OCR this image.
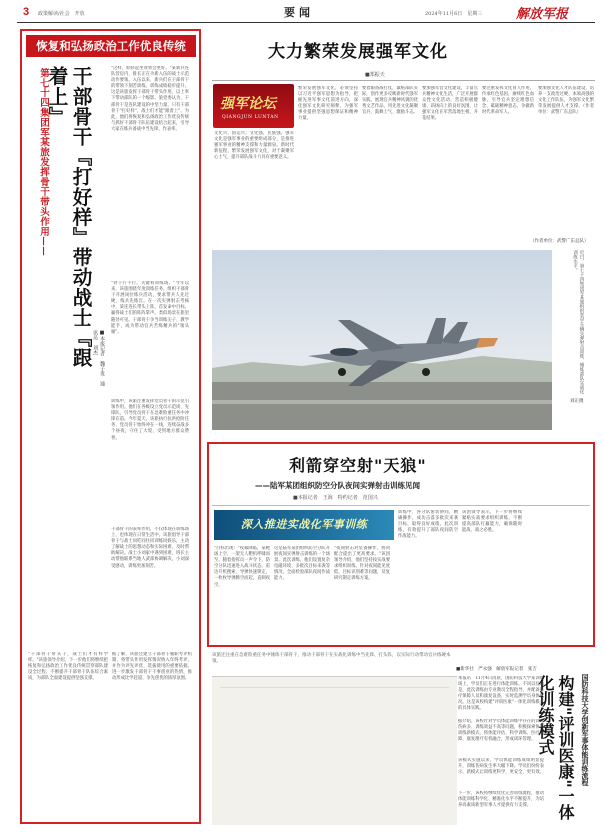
3 政策解读/社会　开放	要闻	2024年11月6日　星期三	解放军报
恢复和弘扬政治工作优良传统
第七十四集团军某旅发挥骨干带头作用——	干部骨干『打好样』带动战士『跟着上』
■本报记者　魏子贵　通讯员　刘杰
"这样，仰卧起坐效果会更好。"某新兵连队营房内，排长正在为新入伍的战士示范动作要领。入伍以来，新兵们在干部骨干的带领下刻苦训练，训练成绩稳步提升。这是该旅发挥干部骨干带头作用、以上率下带动部队的一个缩影。旅党委认为，干部骨干是连队建设的中坚力量，只有干部骨干"打好样"，战士们才能"跟着上"。为此，他们将恢复和弘扬政治工作优良传统与抓好干部骨干队伍建设结合起来，引导大家在练兵备战中当先锋、作表率。
"骨干行不行，关键看训练场。"今年以来，该旅围绕年度训练任务，组织干部骨干开展岗位练兵活动，要求带兵人先过硬，练兵先练官。在一次实弹射击考核中，某连连长带头上阵，首发命中目标，赢得战士们的阵阵掌声。类似场景在旅里随处可见。干部骨干争当训练尖子、教学能手，成为带动官兵苦练精兵的"领头雁"。
训练中，该旅注重发挥党员骨干的示范引领作用。他们在各级设立党员示范岗、先锋队，引导党员骨干在急难险重任务中冲锋在前。今年夏天，该旅执行抗洪抢险任务，党员骨干始终冲在一线，连续奋战多个昼夜，守住了大堤，受到地方群众赞誉。
干部骨干的表率作用，不仅体现在训练场上，也体现在日常生活中。该旅倡导干部骨干与战士同吃同住同训练同娱乐，主动了解战士的思想动态和实际困难，及时帮助解决。战士小刘家中遇到困难，班长主动帮他联系当地人武部协调解决，小刘深受感动，训练更加刻苦。
"干部骨干带头干，战士们才有样学样。"该旅领导介绍，下一步他们将继续把恢复和弘扬政治工作优良传统贯穿部队建设全过程，不断提升干部骨干队伍综合素质，为部队全面建设提供坚强支撑。
据了解，该旅还建立干部骨干履职考评机制，将带头作用发挥情况纳入年终考评，并作为评先评优、选拔使用的重要依据，进一步激发干部骨干干事创业的热情，推动形成比学赶超、争先创优的浓厚氛围。
大力繁荣发展强军文化
■郑振天
强军论坛
QIANGJUN LUNTAN
文化兴，国运兴；文化强，民族强。强军文化是强军事业的重要组成部分，是推进强军事业的精神支撑和力量源泉。新时代新征程，繁荣发展强军文化，对于凝聚军心士气、提升部队战斗力具有重要意义。
繁荣发展强军文化，必须坚持以习近平强军思想为指导，把握先进军事文化前进方向，深化强军文化研究阐释，为强军事业提供坚强思想保证和精神力量。
要着眼备战打仗，紧贴部队实际，创作更多反映新时代强军实践、展现官兵精神风貌的优秀文艺作品，用先进文化凝聚官兵、鼓舞士气、激励斗志。
要加强军营文化建设，丰富官兵精神文化生活，广泛开展群众性文化活动，营造积极健康、昂扬向上的良好氛围，让强军文化在军营落地生根、开花结果。
要注重发挥文化育人作用，传承红色基因，赓续红色血脉，引导官兵坚定理想信念、砥砺精神意志，争做新时代革命军人。
要加强文化人才队伍建设，培养一支政治过硬、本领高强的文化工作队伍，为强军文化繁荣发展提供人才支撑。（作者单位：武警广东总队）
（作者单位：武警广东总队）
近日，第七十四集团军某旅组织装甲车辆实弹射击训练，锤炼部队实战化训练水平。
刘正摄
利箭穿空射"天狼"
——陆军某团组织防空分队夜间实弹射击训练见闻
■本报记者　王海　特约记者　范国兴
深入推进实战化军事训练
"目标出现！"夜幕降临，某靶场上空，一架无人靶机呼啸而至。随着指挥员一声令下，防空分队迅速进入战斗状态，雷达开机搜索、导弹快速锁定，一枚枚导弹腾空而起，直刺夜空。
这是陆军某团组织防空分队开展夜间实弹射击训练的一个场景。此次训练，他们设置复杂电磁环境、多批次目标来袭等情况，全面检验部队夜间作战能力。
"夜间射击对装备操作、协同配合提出了更高要求。"该团领导介绍，他们坚持按实战要求组织训练，针对夜间能见度低、目标识别难等问题，反复研究制定训练方案。
训练中，各分队密切协同，精确操作，成功击落多批次来袭目标，取得良好成绩。此次训练，有效提升了部队夜间防空作战能力。
该团领导表示，下一步将继续紧贴实战要求组织训练，不断提高部队打赢能力，确保随时能战、战之必胜。
该旅还注重在急难险重任务中锤炼干部骨干，推动干部骨干在实战化训练中当先锋、打头阵，以实际行动带动官兵练硬本领。
■新华社　严永强　解放军报记者　张吉
国防科技大学创新军事体能训练流程
构建"评训医康"一体化训练模式
本报讯　11月4日清晨，国防科技大学某训练场上，学员们正在进行体能训练。不同以往的是，此次训练由专业教员全程指导，并配备医疗保障人员和康复设备，实时监测学员身体状况。这是该校构建"评训医康"一体化训练模式的具体实践。
据介绍，该校针对学员体能训练中存在的训练伤病多、训练效益不高等问题，积极探索体能训练新模式，将体能评估、科学训练、医疗保障、康复理疗有机融合，形成闭环管理。
该模式实施以来，学员体能训练成绩明显提升，训练伤病发生率大幅下降。学员们纷纷表示，新模式让训练更科学、更安全、更有效。
下一步，该校将继续优化完善训练流程，推动体能训练科学化、精准化水平不断提升，为培养高素质新型军事人才提供有力支撑。
